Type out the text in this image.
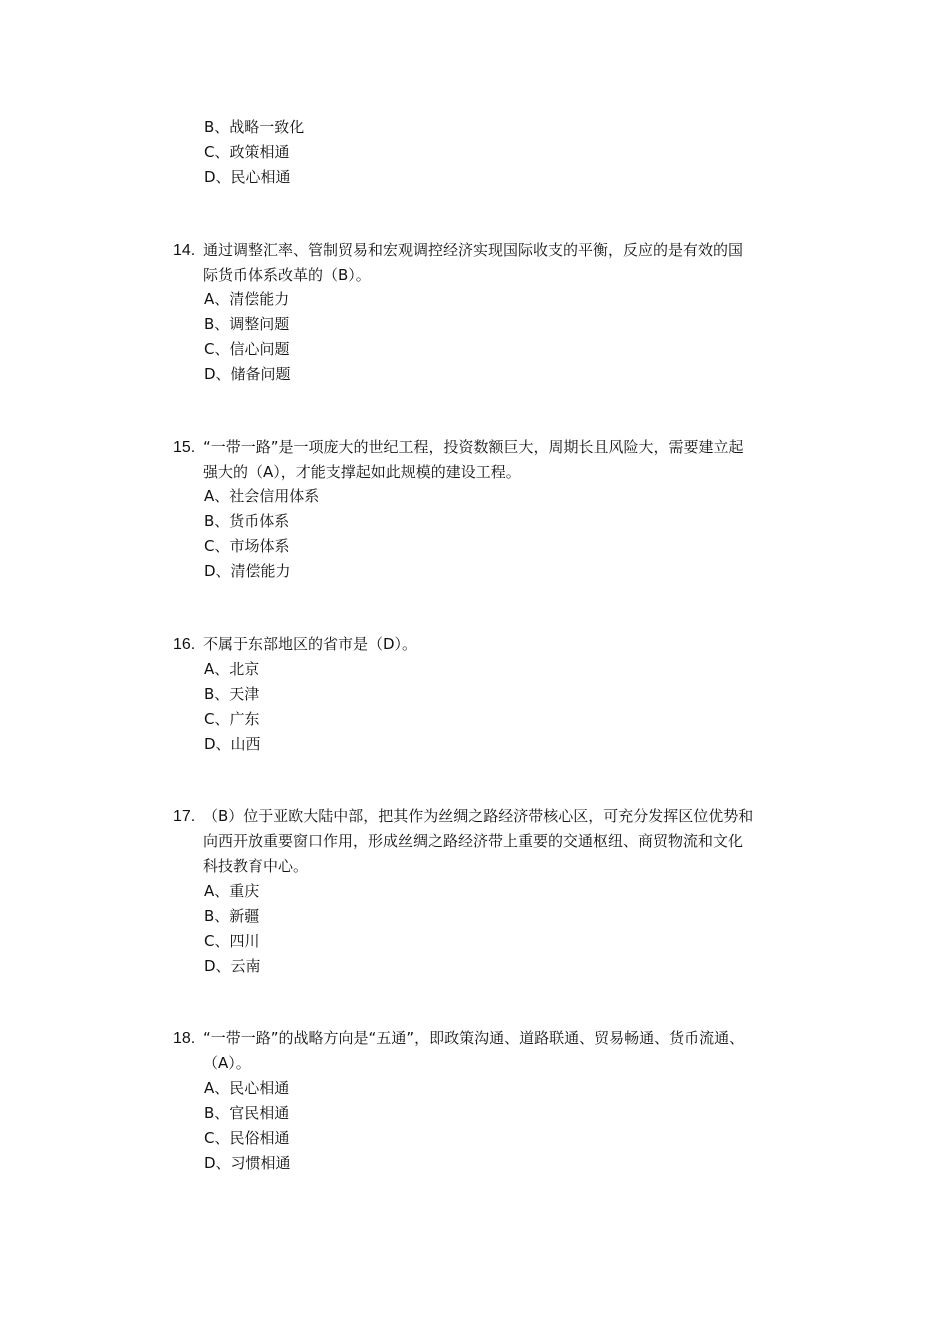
B、战略一致化
C、政策相通
D、民心相通
14. 通过调整汇率、管制贸易和宏观调控经济实现国际收支的平衡，反应的是有效的国
际货币体系改革的（B）。
A、清偿能力
B、调整问题
C、信心问题
D、储备问题
15. “一带一路”是一项庞大的世纪工程，投资数额巨大，周期长且风险大，需要建立起
强大的（A），才能支撑起如此规模的建设工程。
A、社会信用体系
B、货币体系
C、市场体系
D、清偿能力
16. 不属于东部地区的省市是（D）。
A、北京
B、天津
C、广东
D、山西
17. （B）位于亚欧大陆中部，把其作为丝绸之路经济带核心区，可充分发挥区位优势和
向西开放重要窗口作用，形成丝绸之路经济带上重要的交通枢纽、商贸物流和文化
科技教育中心。
A、重庆
B、新疆
C、四川
D、云南
18. “一带一路”的战略方向是“五通”，即政策沟通、道路联通、贸易畅通、货币流通、
（A）。
A、民心相通
B、官民相通
C、民俗相通
D、习惯相通
